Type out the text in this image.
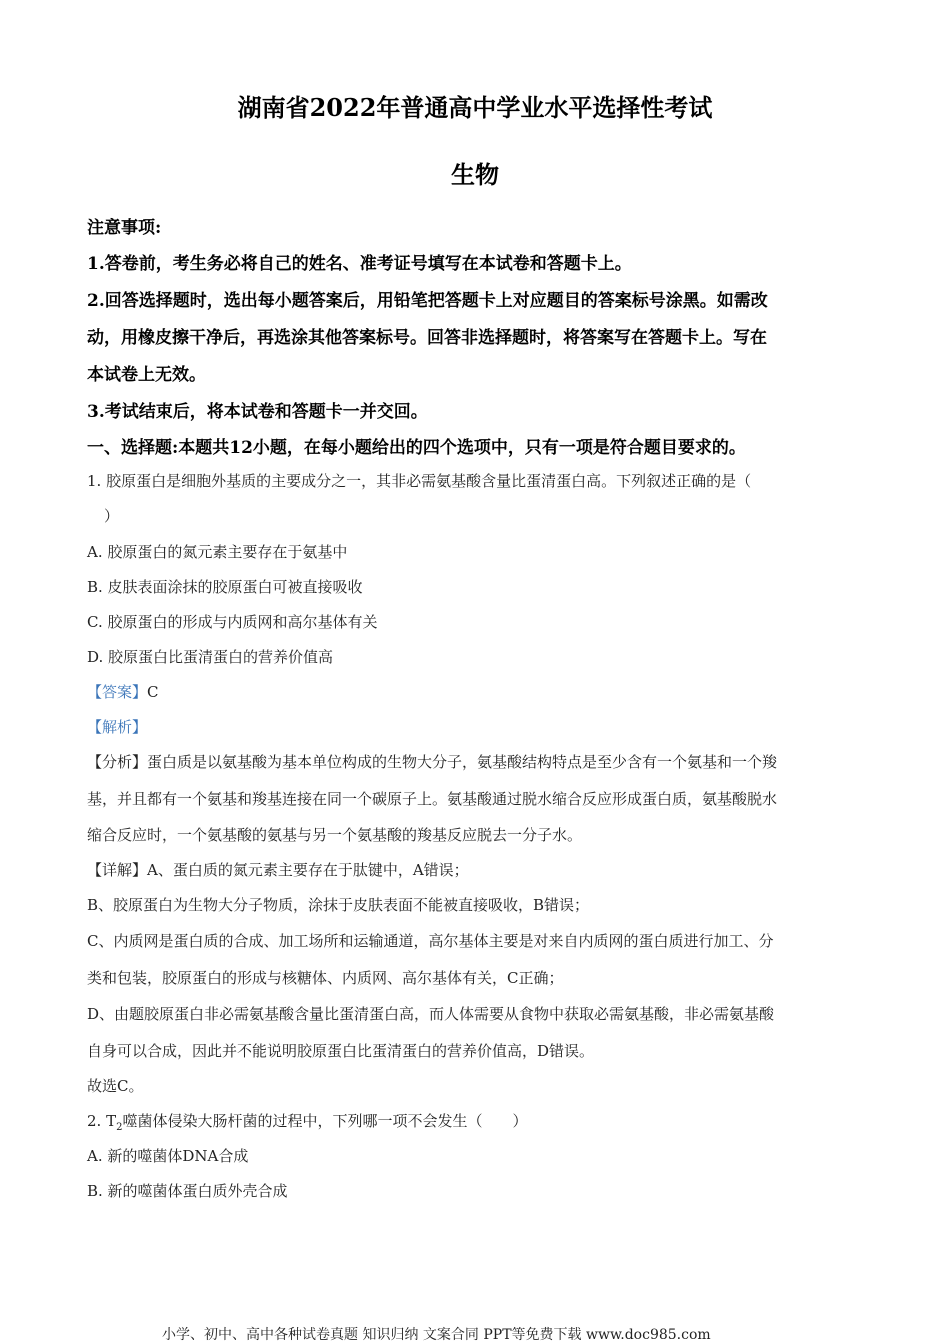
湖南省2022年普通高中学业水平选择性考试
生物
注意事项:
1.答卷前，考生务必将自己的姓名、准考证号填写在本试卷和答题卡上。
2.回答选择题时，选出每小题答案后，用铅笔把答题卡上对应题目的答案标号涂黑。如需改
动，用橡皮擦干净后，再选涂其他答案标号。回答非选择题时，将答案写在答题卡上。写在
本试卷上无效。
3.考试结束后，将本试卷和答题卡一并交回。
一、选择题:本题共12小题，在每小题给出的四个选项中，只有一项是符合题目要求的。
1. 胶原蛋白是细胞外基质的主要成分之一，其非必需氨基酸含量比蛋清蛋白高。下列叙述正确的是（
）
A. 胶原蛋白的氮元素主要存在于氨基中
B. 皮肤表面涂抹的胶原蛋白可被直接吸收
C. 胶原蛋白的形成与内质网和高尔基体有关
D. 胶原蛋白比蛋清蛋白的营养价值高
【答案】C
【解析】
【分析】蛋白质是以氨基酸为基本单位构成的生物大分子，氨基酸结构特点是至少含有一个氨基和一个羧
基，并且都有一个氨基和羧基连接在同一个碳原子上。氨基酸通过脱水缩合反应形成蛋白质，氨基酸脱水
缩合反应时，一个氨基酸的氨基与另一个氨基酸的羧基反应脱去一分子水。
【详解】A、蛋白质的氮元素主要存在于肽键中，A错误；
B、胶原蛋白为生物大分子物质，涂抹于皮肤表面不能被直接吸收，B错误；
C、内质网是蛋白质的合成、加工场所和运输通道，高尔基体主要是对来自内质网的蛋白质进行加工、分
类和包装，胶原蛋白的形成与核糖体、内质网、高尔基体有关，C正确；
D、由题胶原蛋白非必需氨基酸含量比蛋清蛋白高，而人体需要从食物中获取必需氨基酸，非必需氨基酸
自身可以合成，因此并不能说明胶原蛋白比蛋清蛋白的营养价值高，D错误。
故选C。
2. $T_2$噬菌体侵染大肠杆菌的过程中，下列哪一项不会发生（　　）
A. 新的噬菌体DNA合成
B. 新的噬菌体蛋白质外壳合成
小学、初中、高中各种试卷真题 知识归纳 文案合同 PPT等免费下载 www.doc985.com
